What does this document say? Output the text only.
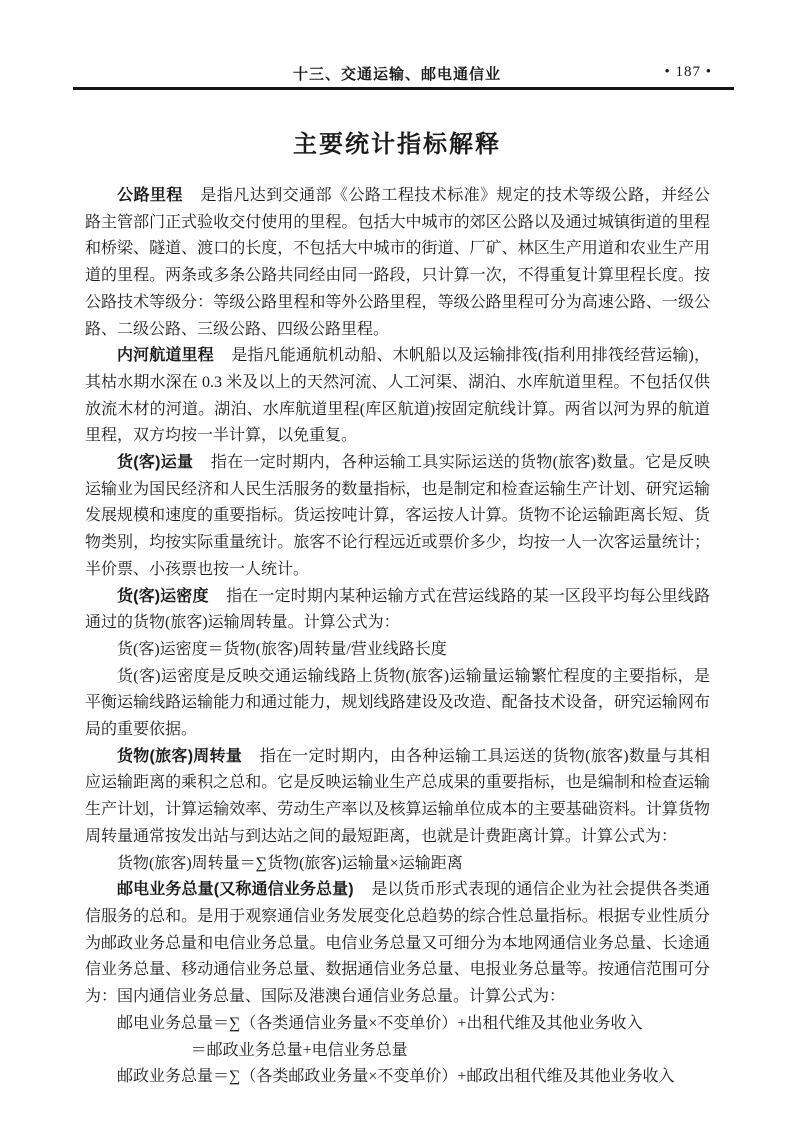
十三、交通运输、邮电通信业	• 187 •
主要统计指标解释

公路里程 是指凡达到交通部《公路工程技术标准》规定的技术等级公路，并经公路主管部门正式验收交付使用的里程。包括大中城市的郊区公路以及通过城镇街道的里程和桥梁、隧道、渡口的长度，不包括大中城市的街道、厂矿、林区生产用道和农业生产用道的里程。两条或多条公路共同经由同一路段，只计算一次，不得重复计算里程长度。按公路技术等级分：等级公路里程和等外公路里程，等级公路里程可分为高速公路、一级公路、二级公路、三级公路、四级公路里程。

内河航道里程 是指凡能通航机动船、木帆船以及运输排筏(指利用排筏经营运输)，其枯水期水深在 0.3 米及以上的天然河流、人工河渠、湖泊、水库航道里程。不包括仅供放流木材的河道。湖泊、水库航道里程(库区航道)按固定航线计算。两省以河为界的航道里程，双方均按一半计算，以免重复。

货(客)运量 指在一定时期内，各种运输工具实际运送的货物(旅客)数量。它是反映运输业为国民经济和人民生活服务的数量指标，也是制定和检查运输生产计划、研究运输发展规模和速度的重要指标。货运按吨计算，客运按人计算。货物不论运输距离长短、货物类别，均按实际重量统计。旅客不论行程远近或票价多少，均按一人一次客运量统计；半价票、小孩票也按一人统计。

货(客)运密度 指在一定时期内某种运输方式在营运线路的某一区段平均每公里线路通过的货物(旅客)运输周转量。计算公式为：

货(客)运密度＝货物(旅客)周转量/营业线路长度

货(客)运密度是反映交通运输线路上货物(旅客)运输量运输繁忙程度的主要指标，是平衡运输线路运输能力和通过能力，规划线路建设及改造、配备技术设备，研究运输网布局的重要依据。

货物(旅客)周转量 指在一定时期内，由各种运输工具运送的货物(旅客)数量与其相应运输距离的乘积之总和。它是反映运输业生产总成果的重要指标，也是编制和检查运输生产计划，计算运输效率、劳动生产率以及核算运输单位成本的主要基础资料。计算货物周转量通常按发出站与到达站之间的最短距离，也就是计费距离计算。计算公式为：

货物(旅客)周转量＝∑货物(旅客)运输量×运输距离

邮电业务总量(又称通信业务总量) 是以货币形式表现的通信企业为社会提供各类通信服务的总和。是用于观察通信业务发展变化总趋势的综合性总量指标。根据专业性质分为邮政业务总量和电信业务总量。电信业务总量又可细分为本地网通信业务总量、长途通信业务总量、移动通信业务总量、数据通信业务总量、电报业务总量等。按通信范围可分为：国内通信业务总量、国际及港澳台通信业务总量。计算公式为：

邮电业务总量＝∑（各类通信业务量×不变单价）+出租代维及其他业务收入

＝邮政业务总量+电信业务总量

邮政业务总量＝∑（各类邮政业务量×不变单价）+邮政出租代维及其他业务收入
